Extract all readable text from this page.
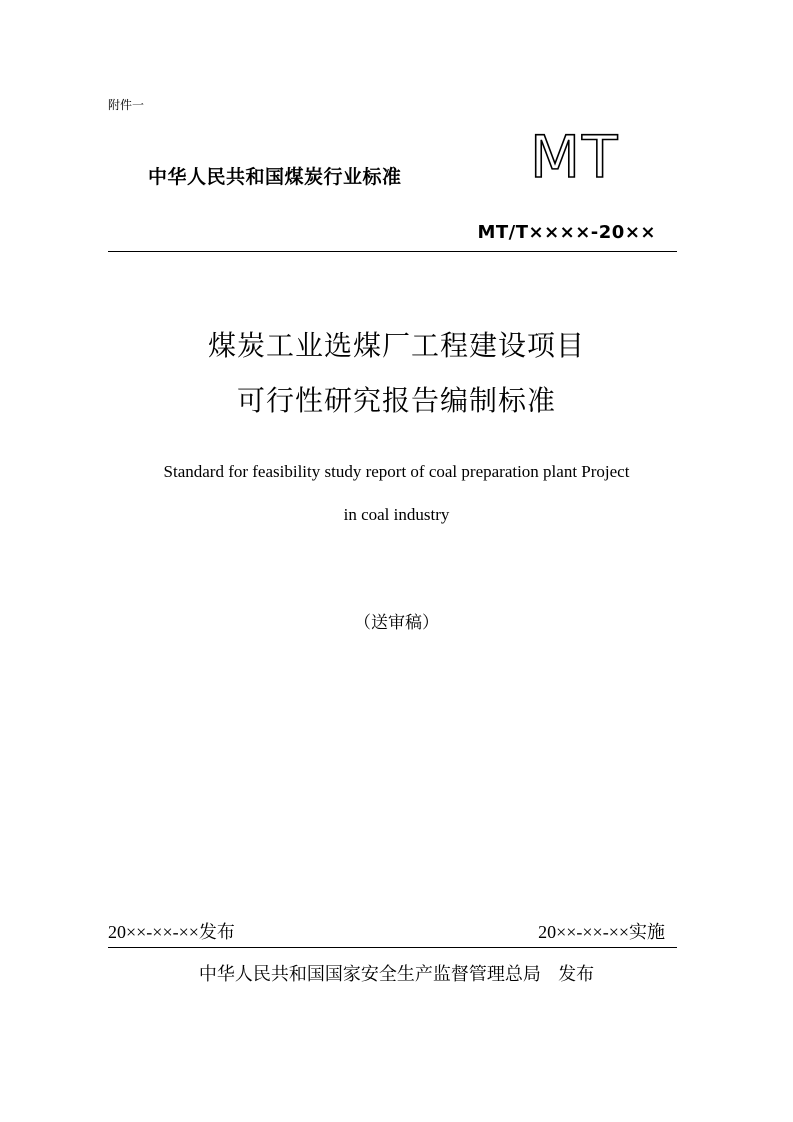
附件一
中华人民共和国煤炭行业标准 MT
MT/T××××-20××
煤炭工业选煤厂工程建设项目
可行性研究报告编制标准
Standard for feasibility study report of coal preparation plant Project
in coal industry
（送审稿）
20××-××-××发布	20××-××-××实施
中华人民共和国国家安全生产监督管理总局   发布
